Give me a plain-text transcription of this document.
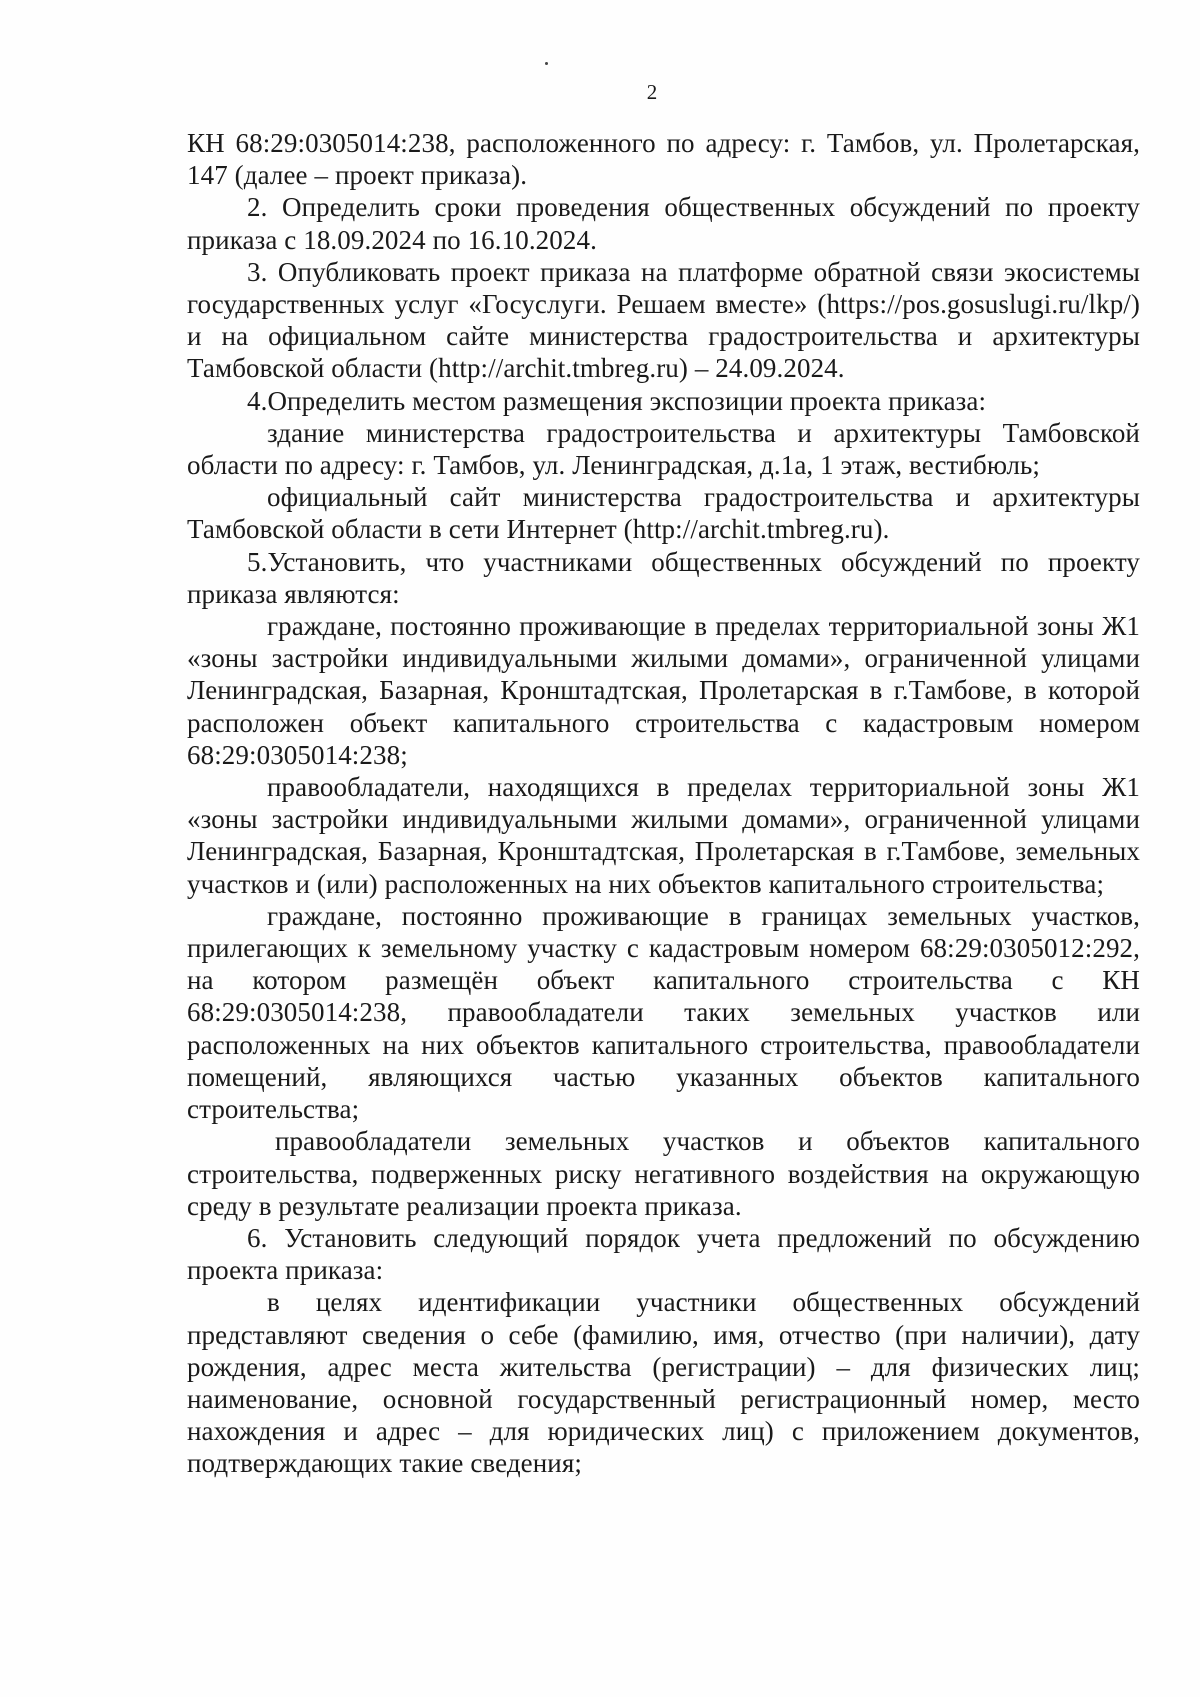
2

КН 68:29:0305014:238, расположенного по адресу: г. Тамбов, ул. Пролетарская, 147 (далее – проект приказа).

2. Определить сроки проведения общественных обсуждений по проекту приказа с 18.09.2024 по 16.10.2024.

3. Опубликовать проект приказа на платформе обратной связи экосистемы государственных услуг «Госуслуги. Решаем вместе» (https://pos.gosuslugi.ru/lkp/) и на официальном сайте министерства градостроительства и архитектуры Тамбовской области (http://archit.tmbreg.ru) – 24.09.2024.

4.Определить местом размещения экспозиции проекта приказа:

здание министерства градостроительства и архитектуры Тамбовской области по адресу: г. Тамбов, ул. Ленинградская, д.1а, 1 этаж, вестибюль;

официальный сайт министерства градостроительства и архитектуры Тамбовской области в сети Интернет (http://archit.tmbreg.ru).

5.Установить, что участниками общественных обсуждений по проекту приказа являются:

граждане, постоянно проживающие в пределах территориальной зоны Ж1 «зоны застройки индивидуальными жилыми домами», ограниченной улицами Ленинградская, Базарная, Кронштадтская, Пролетарская в г.Тамбове, в которой расположен объект капитального строительства с кадастровым номером 68:29:0305014:238;

правообладатели, находящихся в пределах территориальной зоны Ж1 «зоны застройки индивидуальными жилыми домами», ограниченной улицами Ленинградская, Базарная, Кронштадтская, Пролетарская в г.Тамбове, земельных участков и (или) расположенных на них объектов капитального строительства;

граждане, постоянно проживающие в границах земельных участков, прилегающих к земельному участку с кадастровым номером 68:29:0305012:292, на котором размещён объект капитального строительства с КН 68:29:0305014:238, правообладатели таких земельных участков или расположенных на них объектов капитального строительства, правообладатели помещений, являющихся частью указанных объектов капитального строительства;

правообладатели земельных участков и объектов капитального строительства, подверженных риску негативного воздействия на окружающую среду в результате реализации проекта приказа.

6. Установить следующий порядок учета предложений по обсуждению проекта приказа:

в целях идентификации участники общественных обсуждений представляют сведения о себе (фамилию, имя, отчество (при наличии), дату рождения, адрес места жительства (регистрации) – для физических лиц; наименование, основной государственный регистрационный номер, место нахождения и адрес – для юридических лиц) с приложением документов, подтверждающих такие сведения;
